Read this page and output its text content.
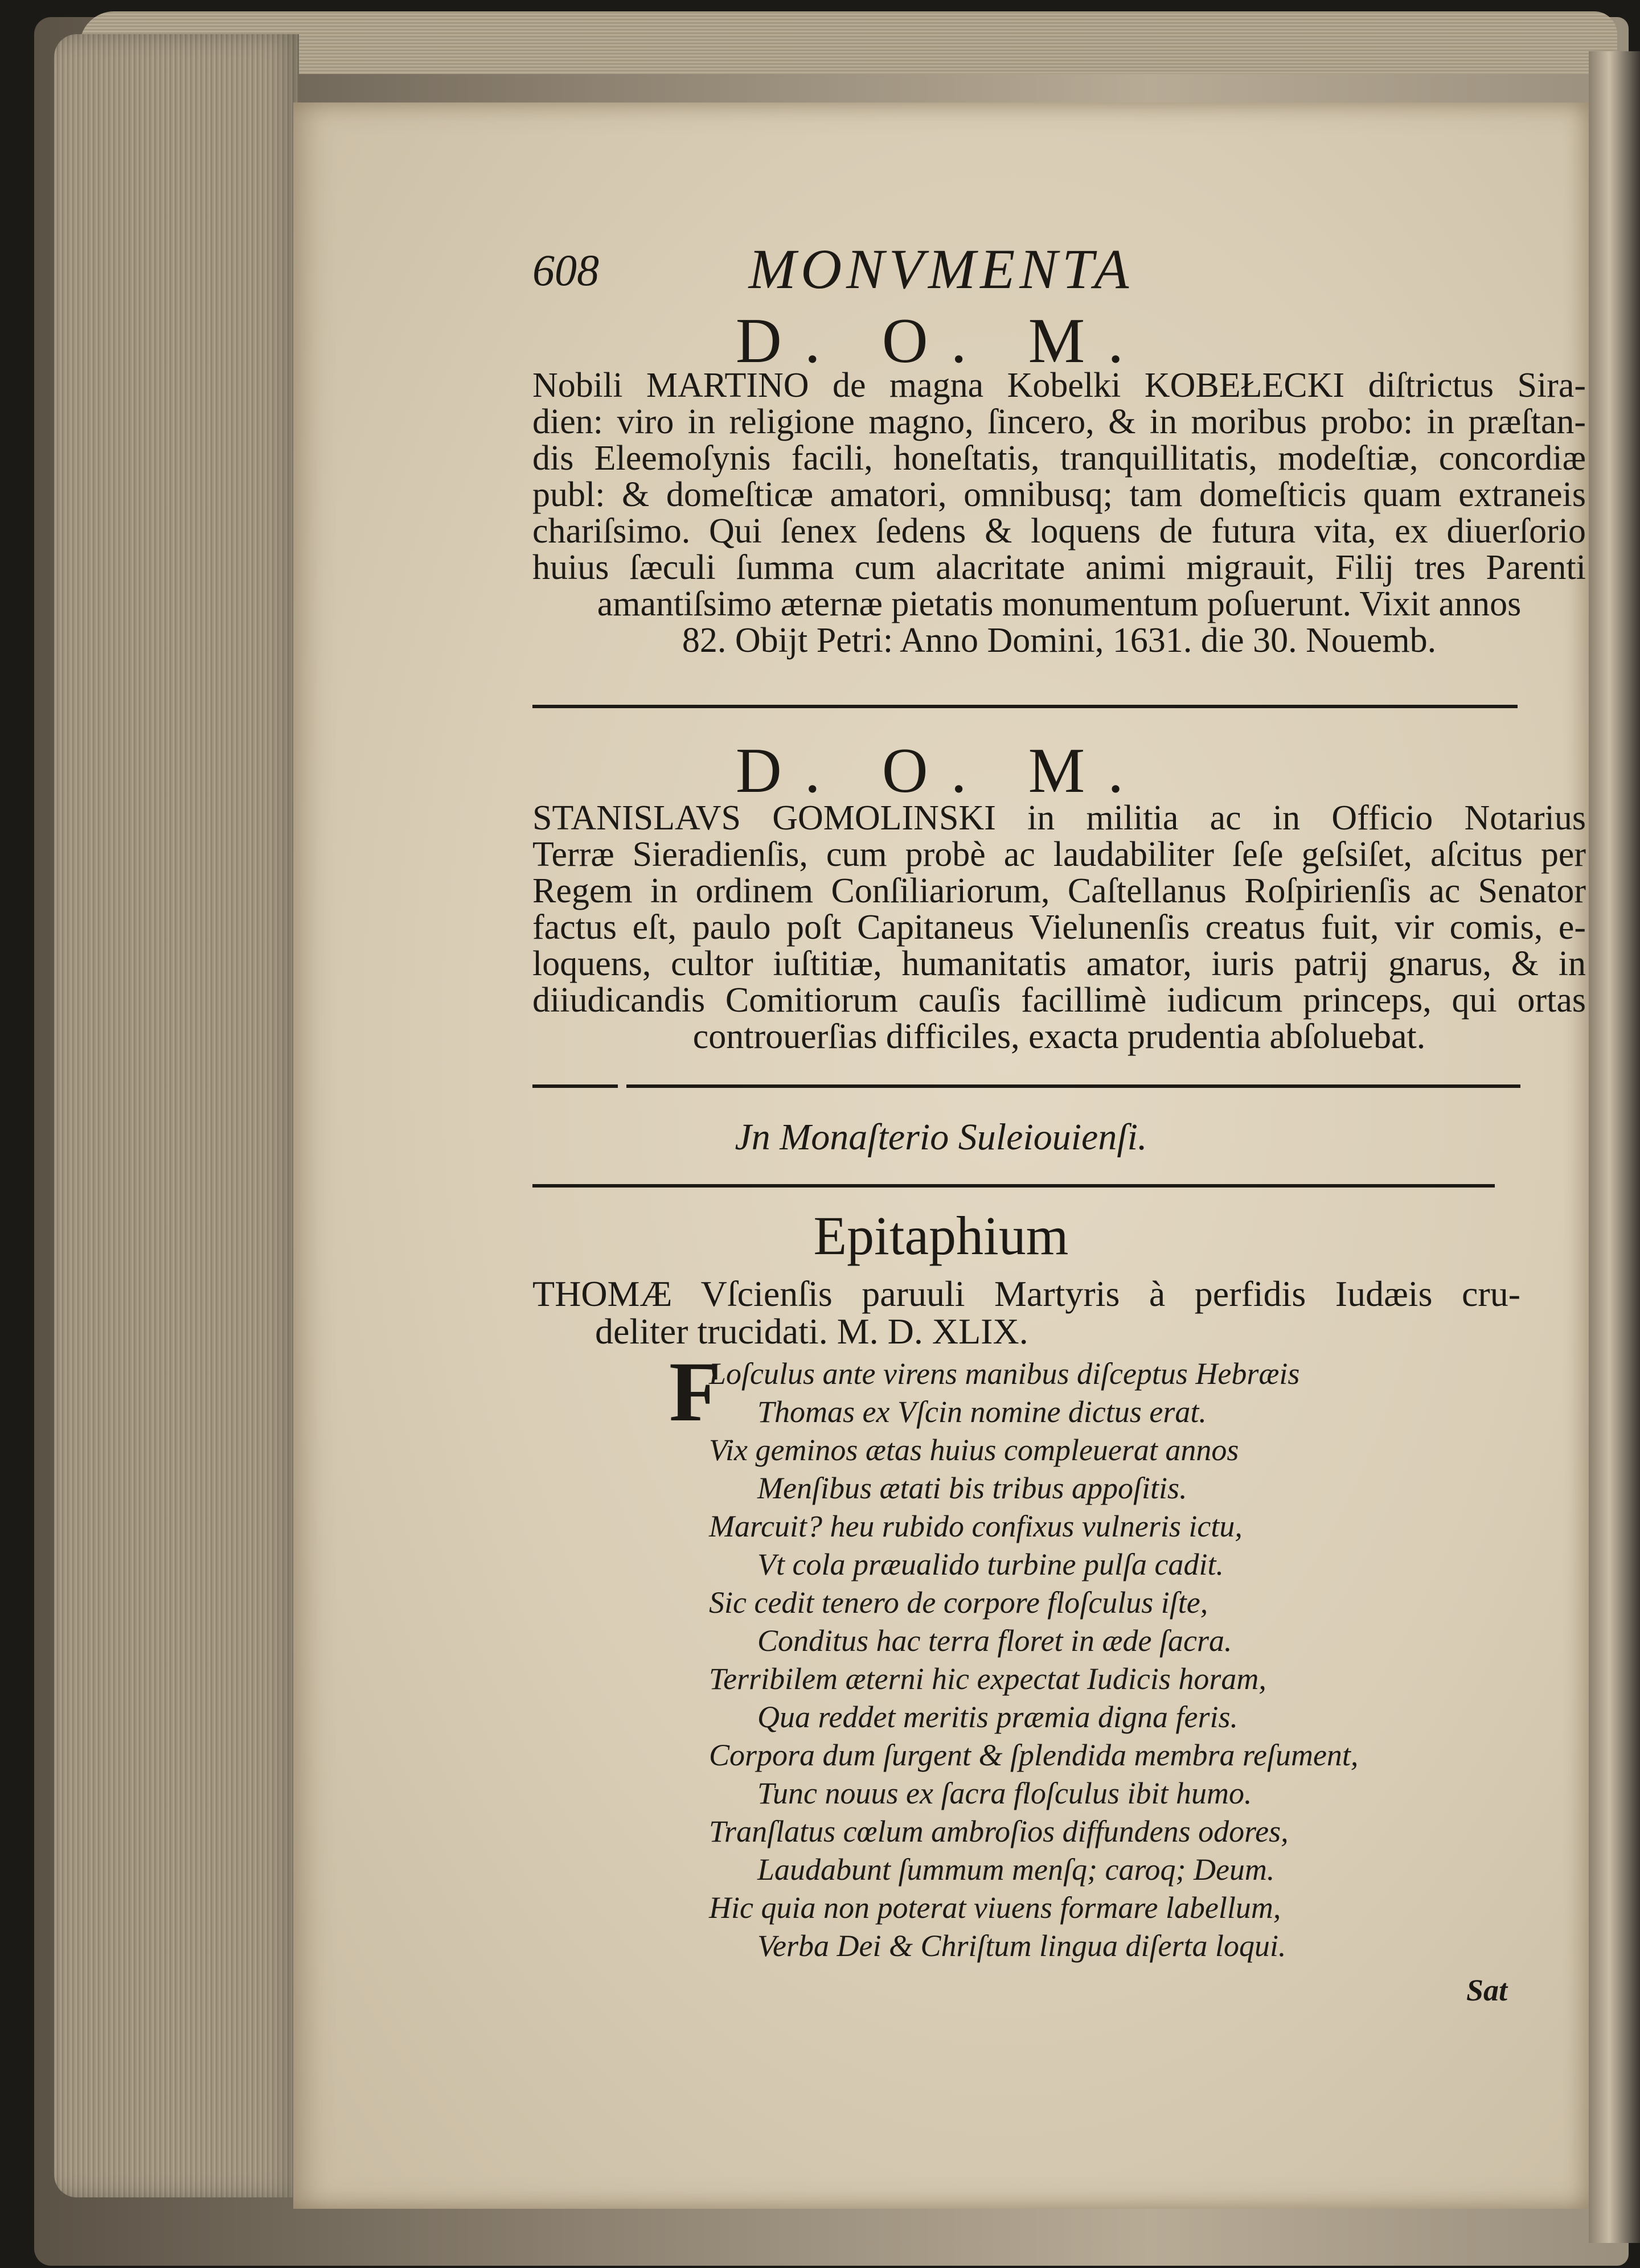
608	MONVMENTA
D. O. M.
Nobili MARTINO de magna Kobelki KOBEŁECKI diſtrictus Sira-
dien: viro in religione magno, ſincero, & in moribus probo: in præſtan-
dis Eleemoſynis facili, honeſtatis, tranquillitatis, modeſtiæ, concordiæ
publ: & domeſticæ amatori, omnibusq; tam domeſticis quam extraneis
chariſsimo. Qui ſenex ſedens & loquens de futura vita, ex diuerſorio
huius ſæculi ſumma cum alacritate animi migrauit, Filij tres Parenti
amantiſsimo æternæ pietatis monumentum poſuerunt. Vixit annos
82. Obijt Petri: Anno Domini, 1631. die 30. Nouemb.
D. O. M.
STANISLAVS GOMOLINSKI in militia ac in Officio Notarius
Terræ Sieradienſis, cum probè ac laudabiliter ſeſe geſsiſet, aſcitus per
Regem in ordinem Conſiliariorum, Caſtellanus Roſpirienſis ac Senator
factus eſt, paulo poſt Capitaneus Vielunenſis creatus fuit, vir comis, e-
loquens, cultor iuſtitiæ, humanitatis amator, iuris patrij gnarus, & in
diiudicandis Comitiorum cauſis facillimè iudicum princeps, qui ortas
controuerſias difficiles, exacta prudentia abſoluebat.
Jn Monaſterio Suleiouienſi.
Epitaphium
THOMÆ Vſcienſis paruuli Martyris à perfidis Iudæis cru-
deliter trucidati. M. D. XLIX.
F
Loſculus ante virens manibus diſceptus Hebræis
Thomas ex Vſcin nomine dictus erat.
Vix geminos ætas huius compleuerat annos
Menſibus ætati bis tribus appoſitis.
Marcuit? heu rubido confixus vulneris ictu,
Vt cola præualido turbine pulſa cadit.
Sic cedit tenero de corpore floſculus iſte,
Conditus hac terra floret in æde ſacra.
Terribilem æterni hic expectat Iudicis horam,
Qua reddet meritis præmia digna feris.
Corpora dum ſurgent & ſplendida membra reſument,
Tunc nouus ex ſacra floſculus ibit humo.
Tranſlatus cœlum ambroſios diffundens odores,
Laudabunt ſummum menſq; caroq; Deum.
Hic quia non poterat viuens formare labellum,
Verba Dei & Chriſtum lingua diſerta loqui.
Sat
